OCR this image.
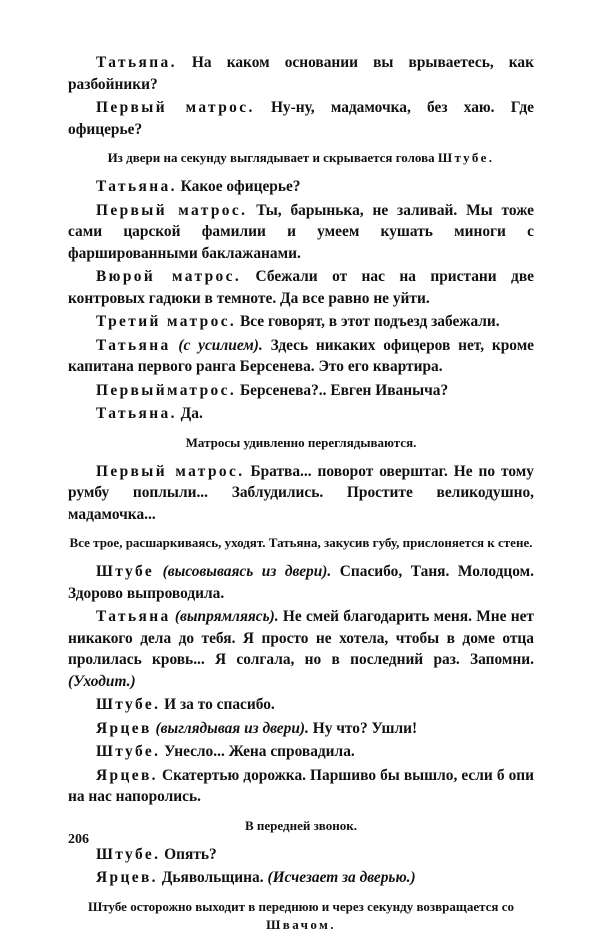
Татьяпа. На каком основании вы врываетесь, как разбойники?

Первый матрос. Ну-ну, мадамочка, без хаю. Где офицерье?

Из двери на секунду выглядывает и скрывается голова Штубе.

Татьяна. Какое офицерье?

Первый матрос. Ты, барынька, не заливай. Мы тоже сами царской фамилии и умеем кушать миноги с фаршированными баклажанами.

Вюрой матрос. Сбежали от нас на пристани две контровых гадюки в темноте. Да все равно не уйти.

Третий матрос. Все говорят, в этот подъезд забежали.

Татьяна (с усилием). Здесь никаких офицеров нет, кроме капитана первого ранга Берсенева. Это его квартира.

Первыйматрос. Берсенева?.. Евген Иваныча?

Татьяна. Да.

Матросы удивленно переглядываются.

Первый матрос. Братва... поворот оверштаг. Не по тому румбу поплыли... Заблудились. Простите великодушно, мадамочка...

Все трое, расшаркиваясь, уходят. Татьяна, закусив губу, прислоняется к стене.

Штубе (высовываясь из двери). Спасибо, Таня. Молодцом. Здорово выпроводила.

Татьяна (выпрямляясь). Не смей благодарить меня. Мне нет никакого дела до тебя. Я просто не хотела, чтобы в доме отца пролилась кровь... Я солгала, но в последний раз. Запомни. (Уходит.)

Штубе. И за то спасибо.

Ярцев (выглядывая из двери). Ну что? Ушли!

Штубе. Унесло... Жена спровадила.

Ярцев. Скатертью дорожка. Паршиво бы вышло, если б опи на нас напоролись.

В передней звонок.

Штубе. Опять?

Ярцев. Дьявольщина. (Исчезает за дверью.)

Штубе осторожно выходит в переднюю и через секунду возвращается со Швачом.
206
